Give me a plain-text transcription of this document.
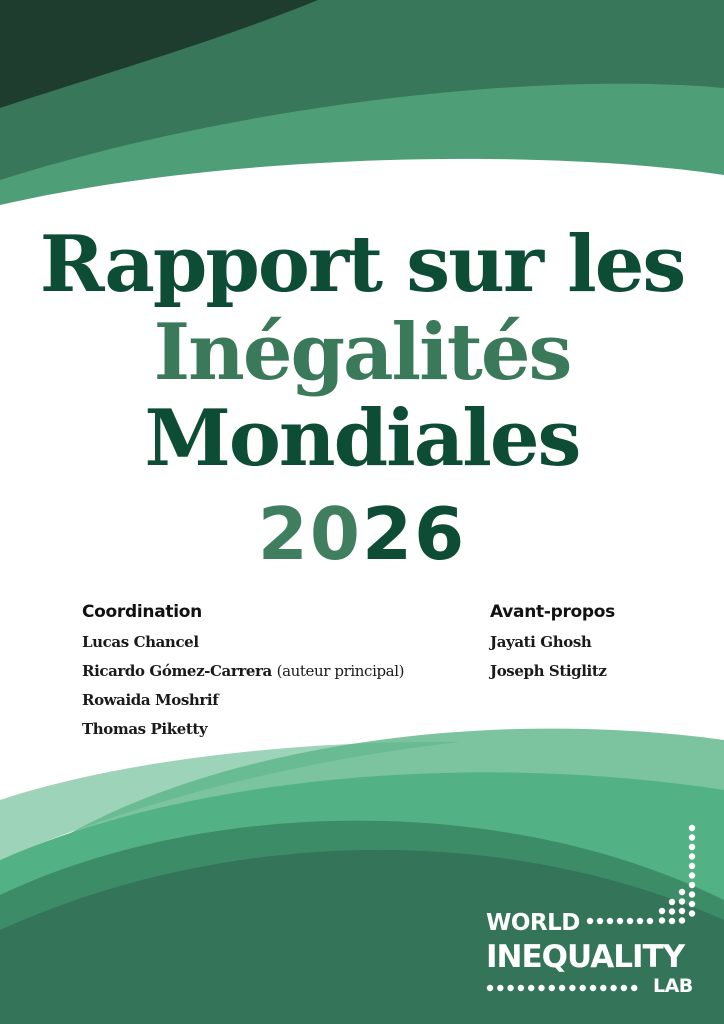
Rapport sur les
Inégalités
Mondiales
2026
Coordination
Lucas Chancel
Ricardo Gómez-Carrera (auteur principal)
Rowaida Moshrif
Thomas Piketty
Avant-propos
Jayati Ghosh
Joseph Stiglitz
WORLD
INEQUALITY
LAB
